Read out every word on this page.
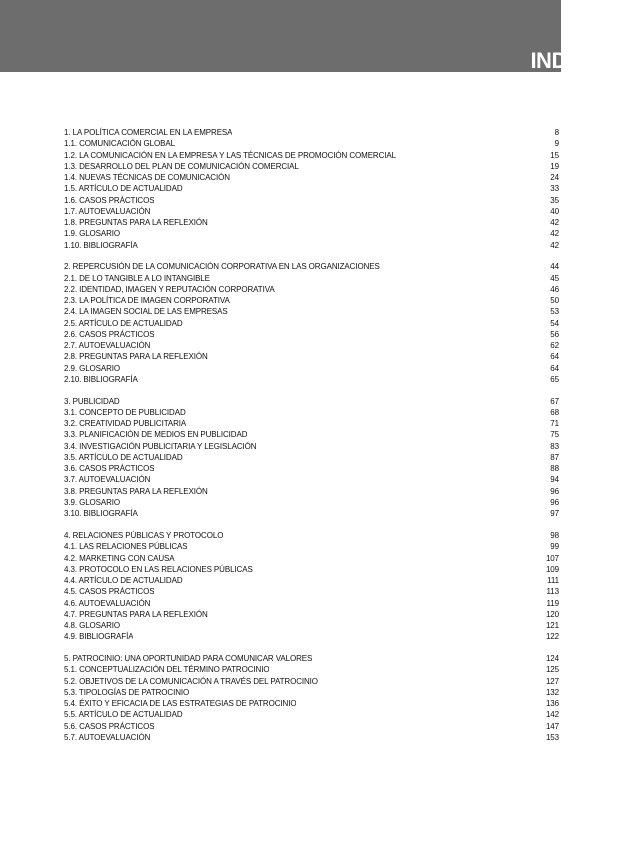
INDICE
1. LA POLÍTICA COMERCIAL EN LA EMPRESA	8
1.1. COMUNICACIÓN GLOBAL	9
1.2. LA COMUNICACIÓN EN LA EMPRESA Y LAS TÉCNICAS DE PROMOCIÓN COMERCIAL	15
1.3. DESARROLLO DEL PLAN DE COMUNICACIÓN COMERCIAL	19
1.4. NUEVAS TÉCNICAS DE COMUNICACIÓN	24
1.5. ARTÍCULO DE ACTUALIDAD	33
1.6. CASOS PRÁCTICOS	35
1.7. AUTOEVALUACIÓN	40
1.8. PREGUNTAS PARA LA REFLEXIÓN	42
1.9. GLOSARIO	42
1.10. BIBLIOGRAFÍA	42
2. REPERCUSIÓN DE LA COMUNICACIÓN CORPORATIVA EN LAS ORGANIZACIONES	44
2.1. DE LO TANGIBLE A LO INTANGIBLE	45
2.2. IDENTIDAD, IMAGEN Y REPUTACIÓN CORPORATIVA	46
2.3. LA POLÍTICA DE IMAGEN CORPORATIVA	50
2.4. LA IMAGEN SOCIAL DE LAS EMPRESAS	53
2.5. ARTÍCULO DE ACTUALIDAD	54
2.6. CASOS PRÁCTICOS	56
2.7. AUTOEVALUACIÓN	62
2.8. PREGUNTAS PARA LA REFLEXIÓN	64
2.9. GLOSARIO	64
2.10. BIBLIOGRAFÍA	65
3. PUBLICIDAD	67
3.1. CONCEPTO DE PUBLICIDAD	68
3.2. CREATIVIDAD PUBLICITARIA	71
3.3. PLANIFICACIÓN DE MEDIOS EN PUBLICIDAD	75
3.4. INVESTIGACIÓN PUBLICITARIA Y LEGISLACIÓN	83
3.5. ARTÍCULO DE ACTUALIDAD	87
3.6. CASOS PRÁCTICOS	88
3.7. AUTOEVALUACIÓN	94
3.8. PREGUNTAS PARA LA REFLEXIÓN	96
3.9. GLOSARIO	96
3.10. BIBLIOGRAFÍA	97
4. RELACIONES PÚBLICAS Y PROTOCOLO	98
4.1. LAS RELACIONES PÚBLICAS	99
4.2. MARKETING CON CAUSA	107
4.3. PROTOCOLO EN LAS RELACIONES PÚBLICAS	109
4.4. ARTÍCULO DE ACTUALIDAD	111
4.5. CASOS PRÁCTICOS	113
4.6. AUTOEVALUACIÓN	119
4.7. PREGUNTAS PARA LA REFLEXIÓN	120
4.8. GLOSARIO	121
4.9. BIBLIOGRAFÍA	122
5. PATROCINIO: UNA OPORTUNIDAD PARA COMUNICAR VALORES	124
5.1. CONCEPTUALIZACIÓN DEL TÉRMINO PATROCINIO	125
5.2. OBJETIVOS DE LA COMUNICACIÓN A TRAVÉS DEL PATROCINIO	127
5.3. TIPOLOGÍAS DE PATROCINIO	132
5.4. ÉXITO Y EFICACIA DE LAS ESTRATEGIAS DE PATROCINIO	136
5.5. ARTÍCULO DE ACTUALIDAD	142
5.6. CASOS PRÁCTICOS	147
5.7. AUTOEVALUACIÓN	153
